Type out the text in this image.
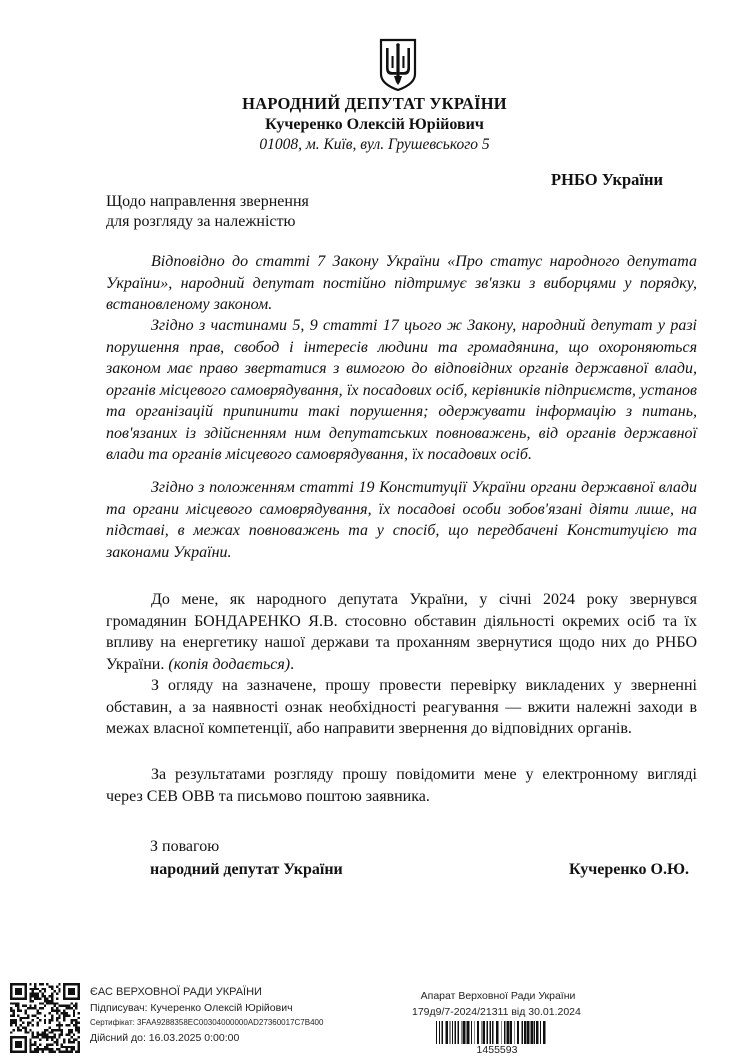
НАРОДНИЙ ДЕПУТАТ УКРАЇНИ
Кучеренко Олексій Юрійович
01008, м. Київ, вул. Грушевського 5
РНБО України
Щодо направлення звернення
для розгляду за належністю
Відповідно до статті 7 Закону України «Про статус народного депутата України», народний депутат постійно підтримує зв'язки з виборцями у порядку, встановленому законом.
Згідно з частинами 5, 9 статті 17 цього ж Закону, народний депутат у разі порушення прав, свобод і інтересів людини та громадянина, що охороняються законом має право звертатися з вимогою до відповідних органів державної влади, органів місцевого самоврядування, їх посадових осіб, керівників підприємств, установ та організацій припинити такі порушення; одержувати інформацію з питань, пов'язаних із здійсненням ним депутатських повноважень, від органів державної влади та органів місцевого самоврядування, їх посадових осіб.
Згідно з положенням статті 19 Конституції України органи державної влади та органи місцевого самоврядування, їх посадові особи зобов'язані діяти лише, на підставі, в межах повноважень та у спосіб, що передбачені Конституцією та законами України.
До мене, як народного депутата України, у січні 2024 року звернувся громадянин БОНДАРЕНКО Я.В. стосовно обставин діяльності окремих осіб та їх впливу на енергетику нашої держави та проханням звернутися щодо них до РНБО України. (копія додається).
З огляду на зазначене, прошу провести перевірку викладених у зверненні обставин, а за наявності ознак необхідності реагування — вжити належні заходи в межах власної компетенції, або направити звернення до відповідних органів.
За результатами розгляду прошу повідомити мене у електронному вигляді через СЕВ ОВВ та письмово поштою заявника.
З повагою
народний депутат України	Кучеренко О.Ю.
ЄАС ВЕРХОВНОЇ РАДИ УКРАЇНИ
Підписувач: Кучеренко Олексій Юрійович
Сертифікат: 3FAA9288358EC00304000000AD27360017C7B400
Дійсний до: 16.03.2025 0:00:00
Апарат Верховної Ради України
179д9/7-2024/21311 від 30.01.2024
1455593
